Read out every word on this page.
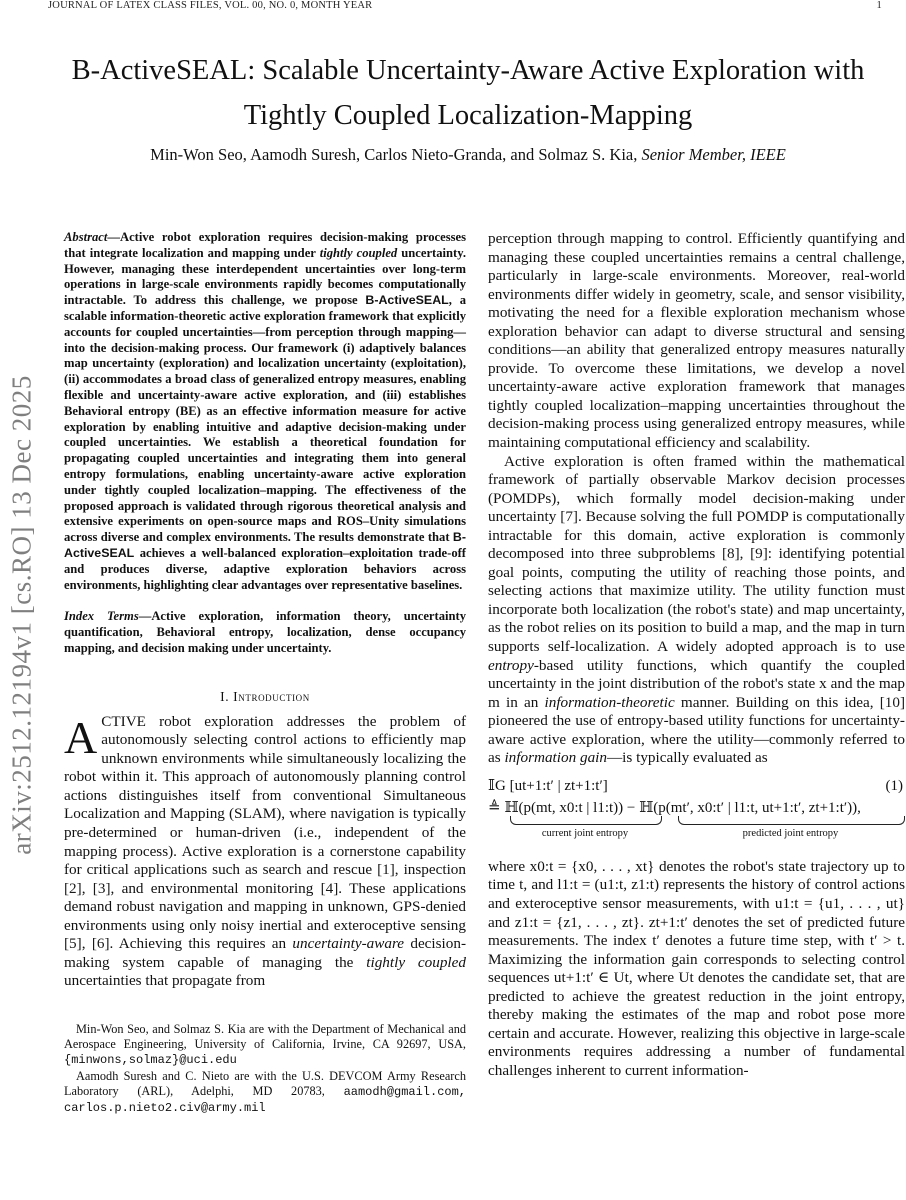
JOURNAL OF LATEX CLASS FILES, VOL. 00, NO. 0, MONTH YEAR	1
arXiv:2512.12194v1 [cs.RO] 13 Dec 2025
B-ActiveSEAL: Scalable Uncertainty-Aware Active Exploration with
Tightly Coupled Localization-Mapping
Min-Won Seo, Aamodh Suresh, Carlos Nieto-Granda, and Solmaz S. Kia, Senior Member, IEEE

Abstract—Active robot exploration requires decision-making processes that integrate localization and mapping under tightly coupled uncertainty. However, managing these interdependent uncertainties over long-term operations in large-scale environments rapidly becomes computationally intractable. To address this challenge, we propose B-ActiveSEAL, a scalable information-theoretic active exploration framework that explicitly accounts for coupled uncertainties—from perception through mapping—into the decision-making process. Our framework (i) adaptively balances map uncertainty (exploration) and localization uncertainty (exploitation), (ii) accommodates a broad class of generalized entropy measures, enabling flexible and uncertainty-aware active exploration, and (iii) establishes Behavioral entropy (BE) as an effective information measure for active exploration by enabling intuitive and adaptive decision-making under coupled uncertainties. We establish a theoretical foundation for propagating coupled uncertainties and integrating them into general entropy formulations, enabling uncertainty-aware active exploration under tightly coupled localization–mapping. The effectiveness of the proposed approach is validated through rigorous theoretical analysis and extensive experiments on open-source maps and ROS–Unity simulations across diverse and complex environments. The results demonstrate that B-ActiveSEAL achieves a well-balanced exploration–exploitation trade-off and produces diverse, adaptive exploration behaviors across environments, highlighting clear advantages over representative baselines.

Index Terms—Active exploration, information theory, uncertainty quantification, Behavioral entropy, localization, dense occupancy mapping, and decision making under uncertainty.

I. Introduction

ACTIVE robot exploration addresses the problem of autonomously selecting control actions to efficiently map unknown environments while simultaneously localizing the robot within it. This approach of autonomously planning control actions distinguishes itself from conventional Simultaneous Localization and Mapping (SLAM), where navigation is typically pre-determined or human-driven (i.e., independent of the mapping process). Active exploration is a cornerstone capability for critical applications such as search and rescue [1], inspection [2], [3], and environmental monitoring [4]. These applications demand robust navigation and mapping in unknown, GPS-denied environments using only noisy inertial and exteroceptive sensing [5], [6]. Achieving this requires an uncertainty-aware decision-making system capable of managing the tightly coupled uncertainties that propagate from

Min-Won Seo, and Solmaz S. Kia are with the Department of Mechanical and Aerospace Engineering, University of California, Irvine, CA 92697, USA, {minwons,solmaz}@uci.edu

Aamodh Suresh and C. Nieto are with the U.S. DEVCOM Army Research Laboratory (ARL), Adelphi, MD 20783, aamodh@gmail.com, carlos.p.nieto2.civ@army.mil

perception through mapping to control. Efficiently quantifying and managing these coupled uncertainties remains a central challenge, particularly in large-scale environments. Moreover, real-world environments differ widely in geometry, scale, and sensor visibility, motivating the need for a flexible exploration mechanism whose exploration behavior can adapt to diverse structural and sensing conditions—an ability that generalized entropy measures naturally provide. To overcome these limitations, we develop a novel uncertainty-aware active exploration framework that manages tightly coupled localization–mapping uncertainties throughout the decision-making process using generalized entropy measures, while maintaining computational efficiency and scalability.

Active exploration is often framed within the mathematical framework of partially observable Markov decision processes (POMDPs), which formally model decision-making under uncertainty [7]. Because solving the full POMDP is computationally intractable for this domain, active exploration is commonly decomposed into three subproblems [8], [9]: identifying potential goal points, computing the utility of reaching those points, and selecting actions that maximize utility. The utility function must incorporate both localization (the robot's state) and map uncertainty, as the robot relies on its position to build a map, and the map in turn supports self-localization. A widely adopted approach is to use entropy-based utility functions, which quantify the coupled uncertainty in the joint distribution of the robot's state x and the map m in an information-theoretic manner. Building on this idea, [10] pioneered the use of entropy-based utility functions for uncertainty-aware active exploration, where the utility—commonly referred to as information gain—is typically evaluated as

𝕀G [ut+1:t′ | zt+1:t′]	(1)
≜ ℍ(p(mt, x0:t | l1:t)) − ℍ(p(mt′, x0:t′ | l1:t, ut+1:t′, zt+1:t′)),
current joint entropy	predicted joint entropy

where x0:t = {x0, . . . , xt} denotes the robot's state trajectory up to time t, and l1:t = (u1:t, z1:t) represents the history of control actions and exteroceptive sensor measurements, with u1:t = {u1, . . . , ut} and z1:t = {z1, . . . , zt}. zt+1:t′ denotes the set of predicted future measurements. The index t′ denotes a future time step, with t′ > t. Maximizing the information gain corresponds to selecting control sequences ut+1:t′ ∈ Ut, where Ut denotes the candidate set, that are predicted to achieve the greatest reduction in the joint entropy, thereby making the estimates of the map and robot pose more certain and accurate. However, realizing this objective in large-scale environments requires addressing a number of fundamental challenges inherent to current information-
